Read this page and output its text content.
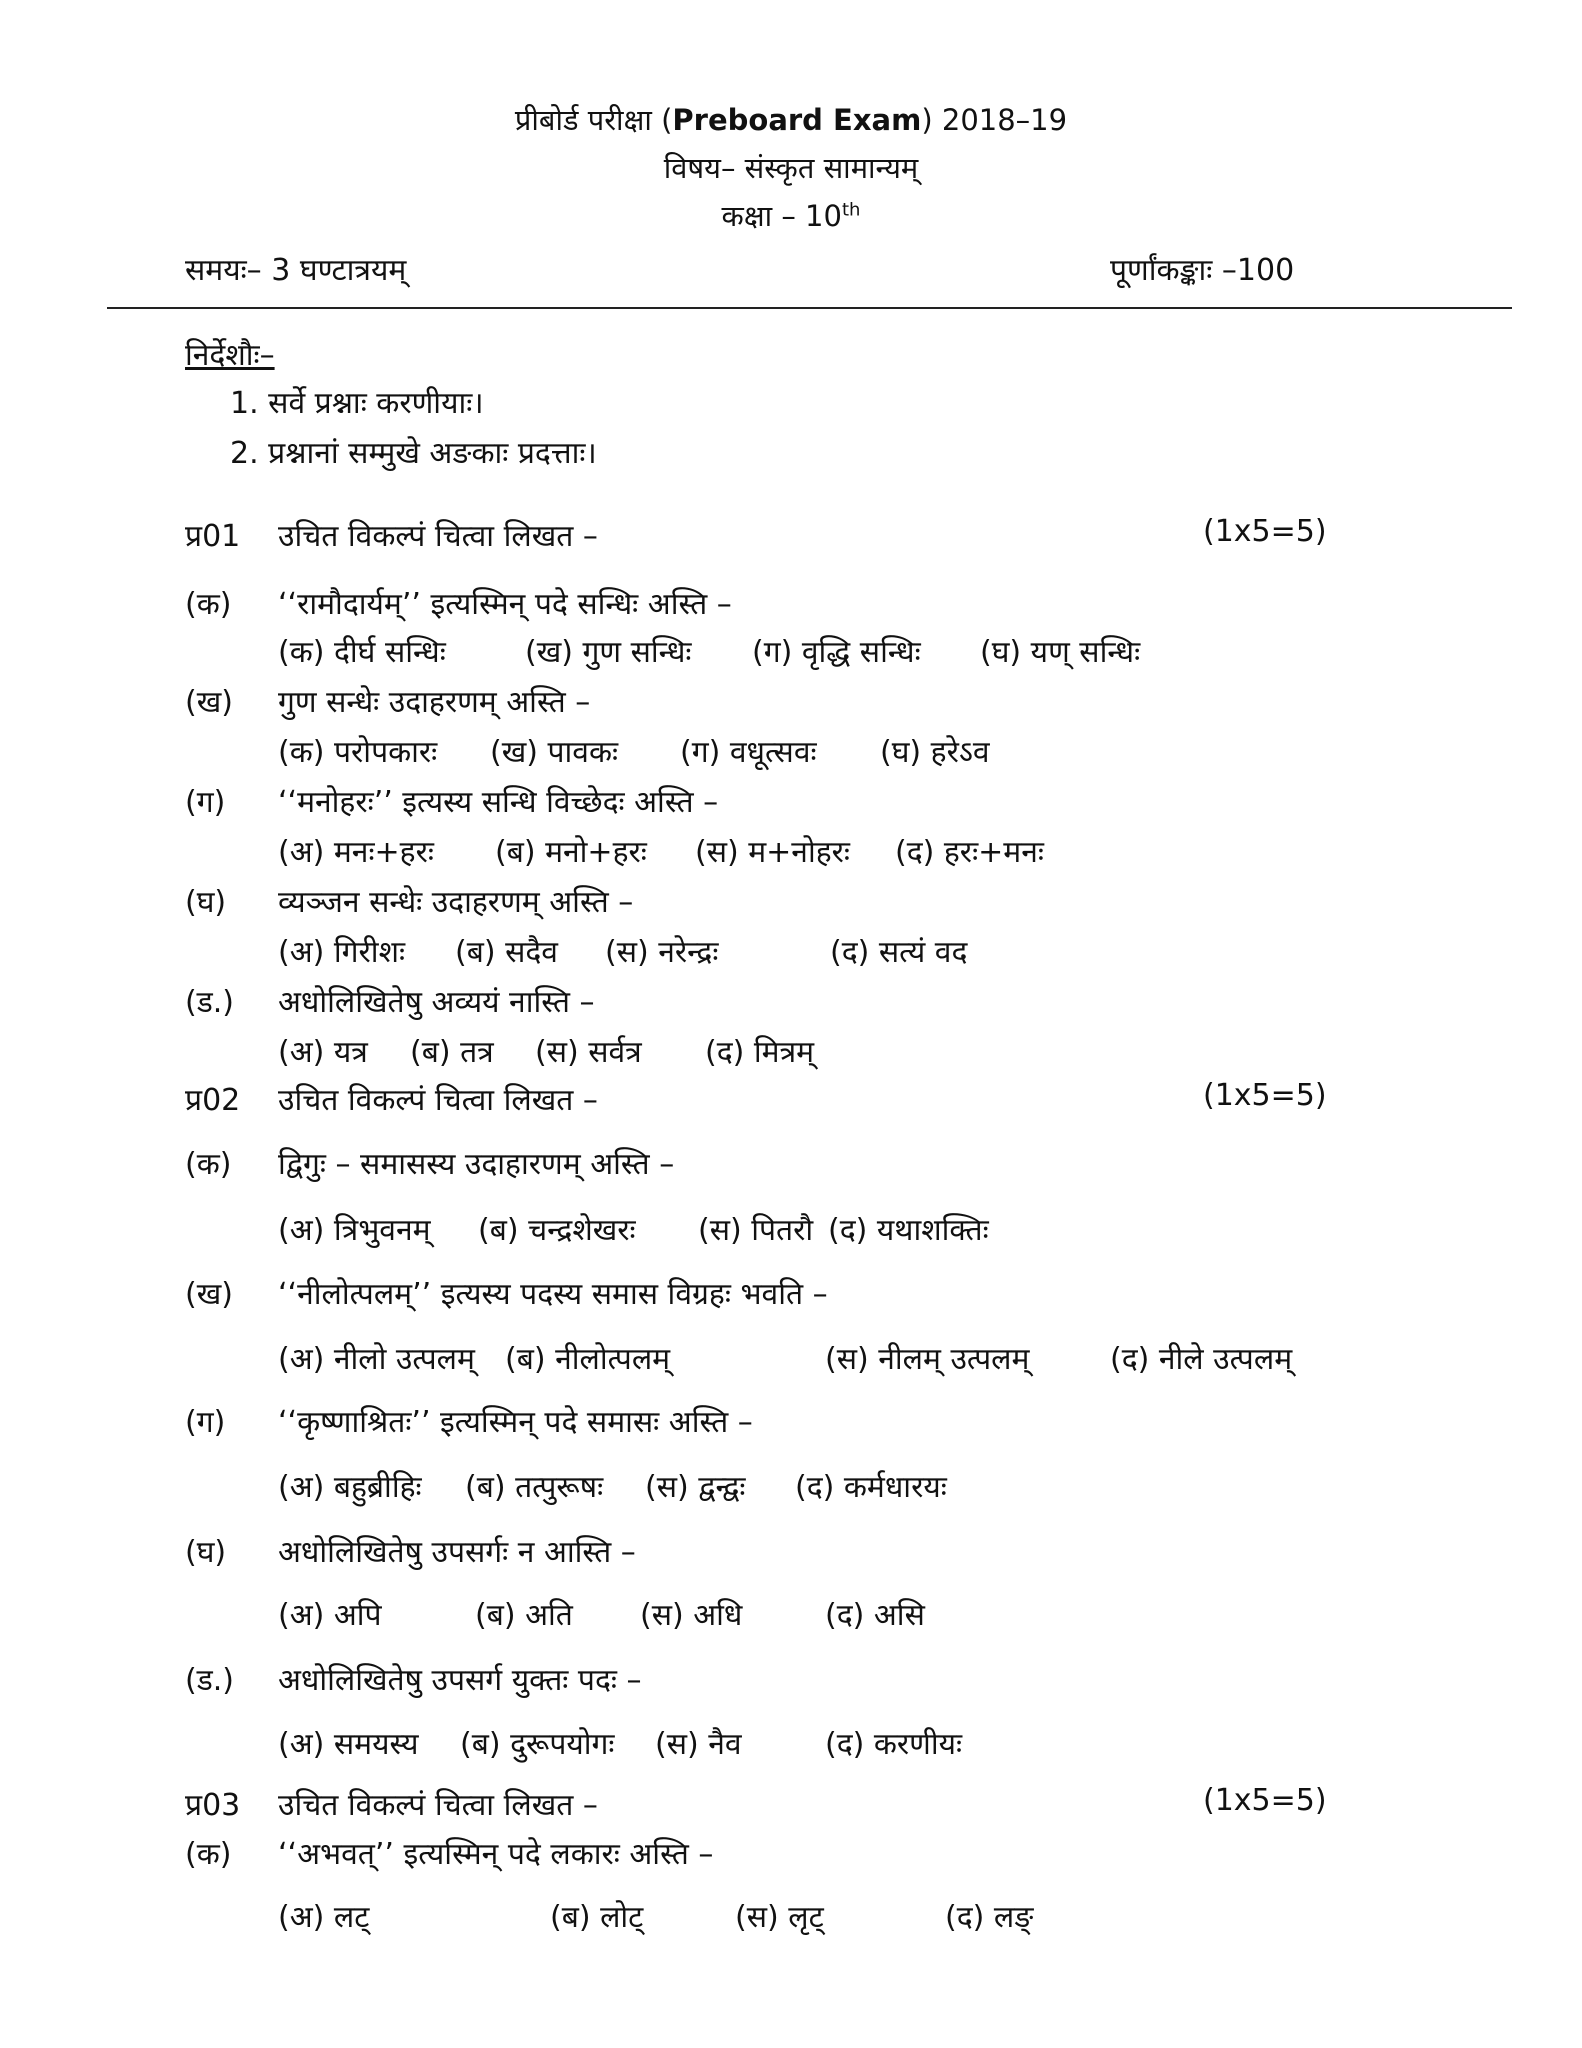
प्रीबोर्ड परीक्षा (Preboard Exam) 2018–19
विषय– संस्कृत सामान्यम्
कक्षा – 10th
समयः– 3 घण्टात्रयम्	पूर्णांकङ्काः –100
निर्देशौः–
1. सर्वे प्रश्नाः करणीयाः।
2. प्रश्नानां सम्मुखे अङकाः प्रदत्ताः।
प्र01 उचित विकल्पं चित्वा लिखत –	(1x5=5)
(क) ‘‘रामौदार्यम्’’ इत्यस्मिन् पदे सन्धिः अस्ति –
(क) दीर्घ सन्धिः	(ख) गुण सन्धिः (ग) वृद्धि सन्धिः (घ) यण् सन्धिः
(ख) गुण सन्धेः उदाहरणम् अस्ति –
(क) परोपकारः (ख) पावकः (ग) वधूत्सवः (घ) हरेऽव
(ग) ‘‘मनोहरः’’ इत्यस्य सन्धि विच्छेदः अस्ति –
(अ) मनः+हरः (ब) मनो+हरः (स) म+नोहरः (द) हरः+मनः
(घ) व्यञ्जन सन्धेः उदाहरणम् अस्ति –
(अ) गिरीशः (ब) सदैव (स) नरेन्द्रः	(द) सत्यं वद
(ड.) अधोलिखितेषु अव्ययं नास्ति –
(अ) यत्र (ब) तत्र (स) सर्वत्र (द) मित्रम्
प्र02 उचित विकल्पं चित्वा लिखत –	(1x5=5)
(क) द्विगुः – समासस्य उदाहारणम् अस्ति –
(अ) त्रिभुवनम् (ब) चन्द्रशेखरः (स) पितरौ (द) यथाशक्तिः
(ख) ‘‘नीलोत्पलम्’’ इत्यस्य पदस्य समास विग्रहः भवति –
(अ) नीलो उत्पलम् (ब) नीलोत्पलम्	(स) नीलम् उत्पलम्	(द) नीले उत्पलम्
(ग) ‘‘कृष्णाश्रितः’’ इत्यस्मिन् पदे समासः अस्ति –
(अ) बहुब्रीहिः (ब) तत्पुरूषः (स) द्वन्द्वः (द) कर्मधारयः
(घ) अधोलिखितेषु उपसर्गः न आस्ति –
(अ) अपि	(ब) अति (स) अधि	(द) असि
(ड.) अधोलिखितेषु उपसर्ग युक्तः पदः –
(अ) समयस्य (ब) दुरूपयोगः (स) नैव	(द) करणीयः
प्र03 उचित विकल्पं चित्वा लिखत –	(1x5=5)
(क) ‘‘अभवत्’’ इत्यस्मिन् पदे लकारः अस्ति –
(अ) लट्	(ब) लोट्	(स) लृट्	(द) लङ्
